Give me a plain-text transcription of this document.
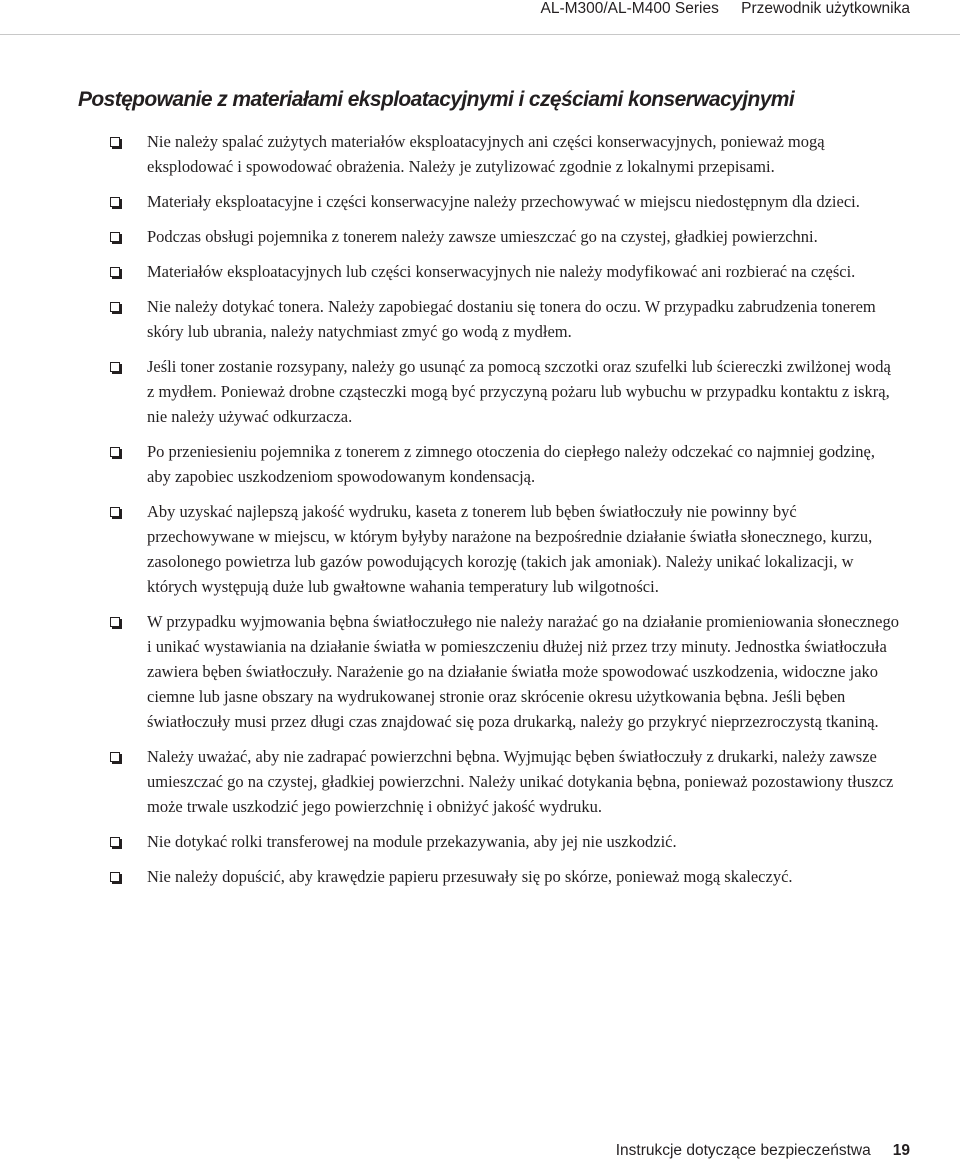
AL-M300/AL-M400 Series Przewodnik użytkownika
Postępowanie z materiałami eksploatacyjnymi i częściami konserwacyjnymi
Nie należy spalać zużytych materiałów eksploatacyjnych ani części konserwacyjnych, ponieważ mogą eksplodować i spowodować obrażenia. Należy je zutylizować zgodnie z lokalnymi przepisami.
Materiały eksploatacyjne i części konserwacyjne należy przechowywać w miejscu niedostępnym dla dzieci.
Podczas obsługi pojemnika z tonerem należy zawsze umieszczać go na czystej, gładkiej powierzchni.
Materiałów eksploatacyjnych lub części konserwacyjnych nie należy modyfikować ani rozbierać na części.
Nie należy dotykać tonera. Należy zapobiegać dostaniu się tonera do oczu. W przypadku zabrudzenia tonerem skóry lub ubrania, należy natychmiast zmyć go wodą z mydłem.
Jeśli toner zostanie rozsypany, należy go usunąć za pomocą szczotki oraz szufelki lub ściereczki zwilżonej wodą z mydłem. Ponieważ drobne cząsteczki mogą być przyczyną pożaru lub wybuchu w przypadku kontaktu z iskrą, nie należy używać odkurzacza.
Po przeniesieniu pojemnika z tonerem z zimnego otoczenia do ciepłego należy odczekać co najmniej godzinę, aby zapobiec uszkodzeniom spowodowanym kondensacją.
Aby uzyskać najlepszą jakość wydruku, kaseta z tonerem lub bęben światłoczuły nie powinny być przechowywane w miejscu, w którym byłyby narażone na bezpośrednie działanie światła słonecznego, kurzu, zasolonego powietrza lub gazów powodujących korozję (takich jak amoniak). Należy unikać lokalizacji, w których występują duże lub gwałtowne wahania temperatury lub wilgotności.
W przypadku wyjmowania bębna światłoczułego nie należy narażać go na działanie promieniowania słonecznego i unikać wystawiania na działanie światła w pomieszczeniu dłużej niż przez trzy minuty. Jednostka światłoczuła zawiera bęben światłoczuły. Narażenie go na działanie światła może spowodować uszkodzenia, widoczne jako ciemne lub jasne obszary na wydrukowanej stronie oraz skrócenie okresu użytkowania bębna. Jeśli bęben światłoczuły musi przez długi czas znajdować się poza drukarką, należy go przykryć nieprzezroczystą tkaniną.
Należy uważać, aby nie zadrapać powierzchni bębna. Wyjmując bęben światłoczuły z drukarki, należy zawsze umieszczać go na czystej, gładkiej powierzchni. Należy unikać dotykania bębna, ponieważ pozostawiony tłuszcz może trwale uszkodzić jego powierzchnię i obniżyć jakość wydruku.
Nie dotykać rolki transferowej na module przekazywania, aby jej nie uszkodzić.
Nie należy dopuścić, aby krawędzie papieru przesuwały się po skórze, ponieważ mogą skaleczyć.
Instrukcje dotyczące bezpieczeństwa 19
